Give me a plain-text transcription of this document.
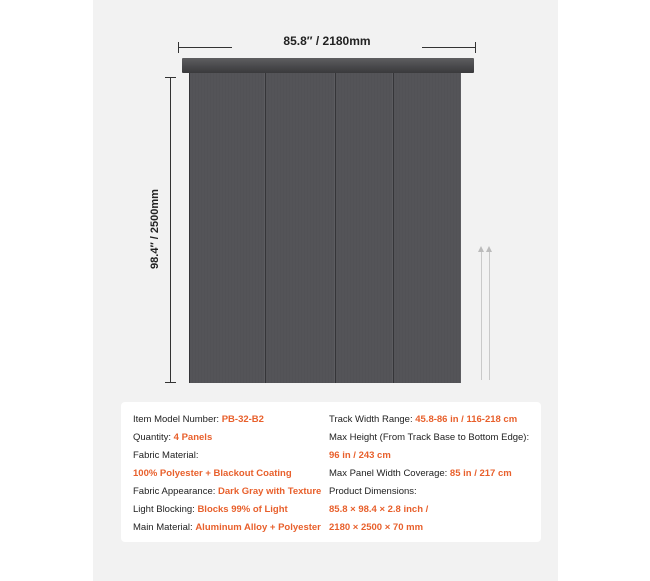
85.8″ / 2180mm
98.4″ / 2500mm
Item Model Number: PB-32-B2
Quantity: 4 Panels
Fabric Material:
100% Polyester + Blackout Coating
Fabric Appearance: Dark Gray with Texture
Light Blocking: Blocks 99% of Light
Main Material: Aluminum Alloy + Polyester
Track Width Range: 45.8-86 in / 116-218 cm
Max Height (From Track Base to Bottom Edge):
96 in / 243 cm
Max Panel Width Coverage: 85 in / 217 cm
Product Dimensions:
85.8 × 98.4 × 2.8 inch /
2180 × 2500 × 70 mm
